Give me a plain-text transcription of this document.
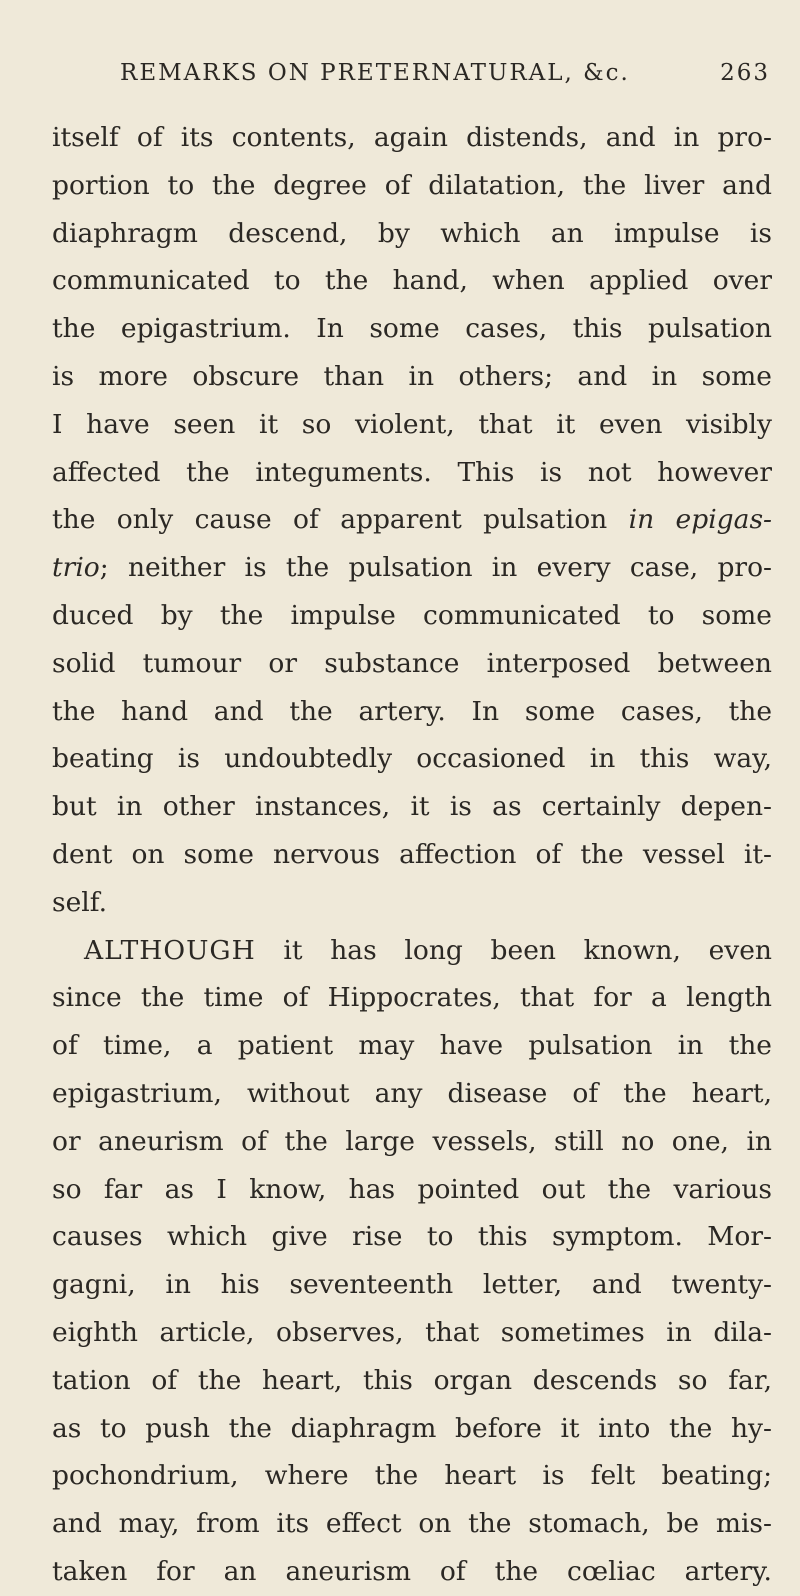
REMARKS ON PRETERNATURAL, &c.	263
itself of its contents, again distends, and in pro-
portion to the degree of dilatation, the liver and
diaphragm descend, by which an impulse is
communicated to the hand, when applied over
the epigastrium. In some cases, this pulsation
is more obscure than in others; and in some
I have seen it so violent, that it even visibly
affected the integuments. This is not however
the only cause of apparent pulsation in epigas-
trio; neither is the pulsation in every case, pro-
duced by the impulse communicated to some
solid tumour or substance interposed between
the hand and the artery. In some cases, the
beating is undoubtedly occasioned in this way,
but in other instances, it is as certainly depen-
dent on some nervous affection of the vessel it-
self.
ALTHOUGH it has long been known, even
since the time of Hippocrates, that for a length
of time, a patient may have pulsation in the
epigastrium, without any disease of the heart,
or aneurism of the large vessels, still no one, in
so far as I know, has pointed out the various
causes which give rise to this symptom. Mor-
gagni, in his seventeenth letter, and twenty-
eighth article, observes, that sometimes in dila-
tation of the heart, this organ descends so far,
as to push the diaphragm before it into the hy-
pochondrium, where the heart is felt beating;
and may, from its effect on the stomach, be mis-
taken for an aneurism of the cœliac artery.
